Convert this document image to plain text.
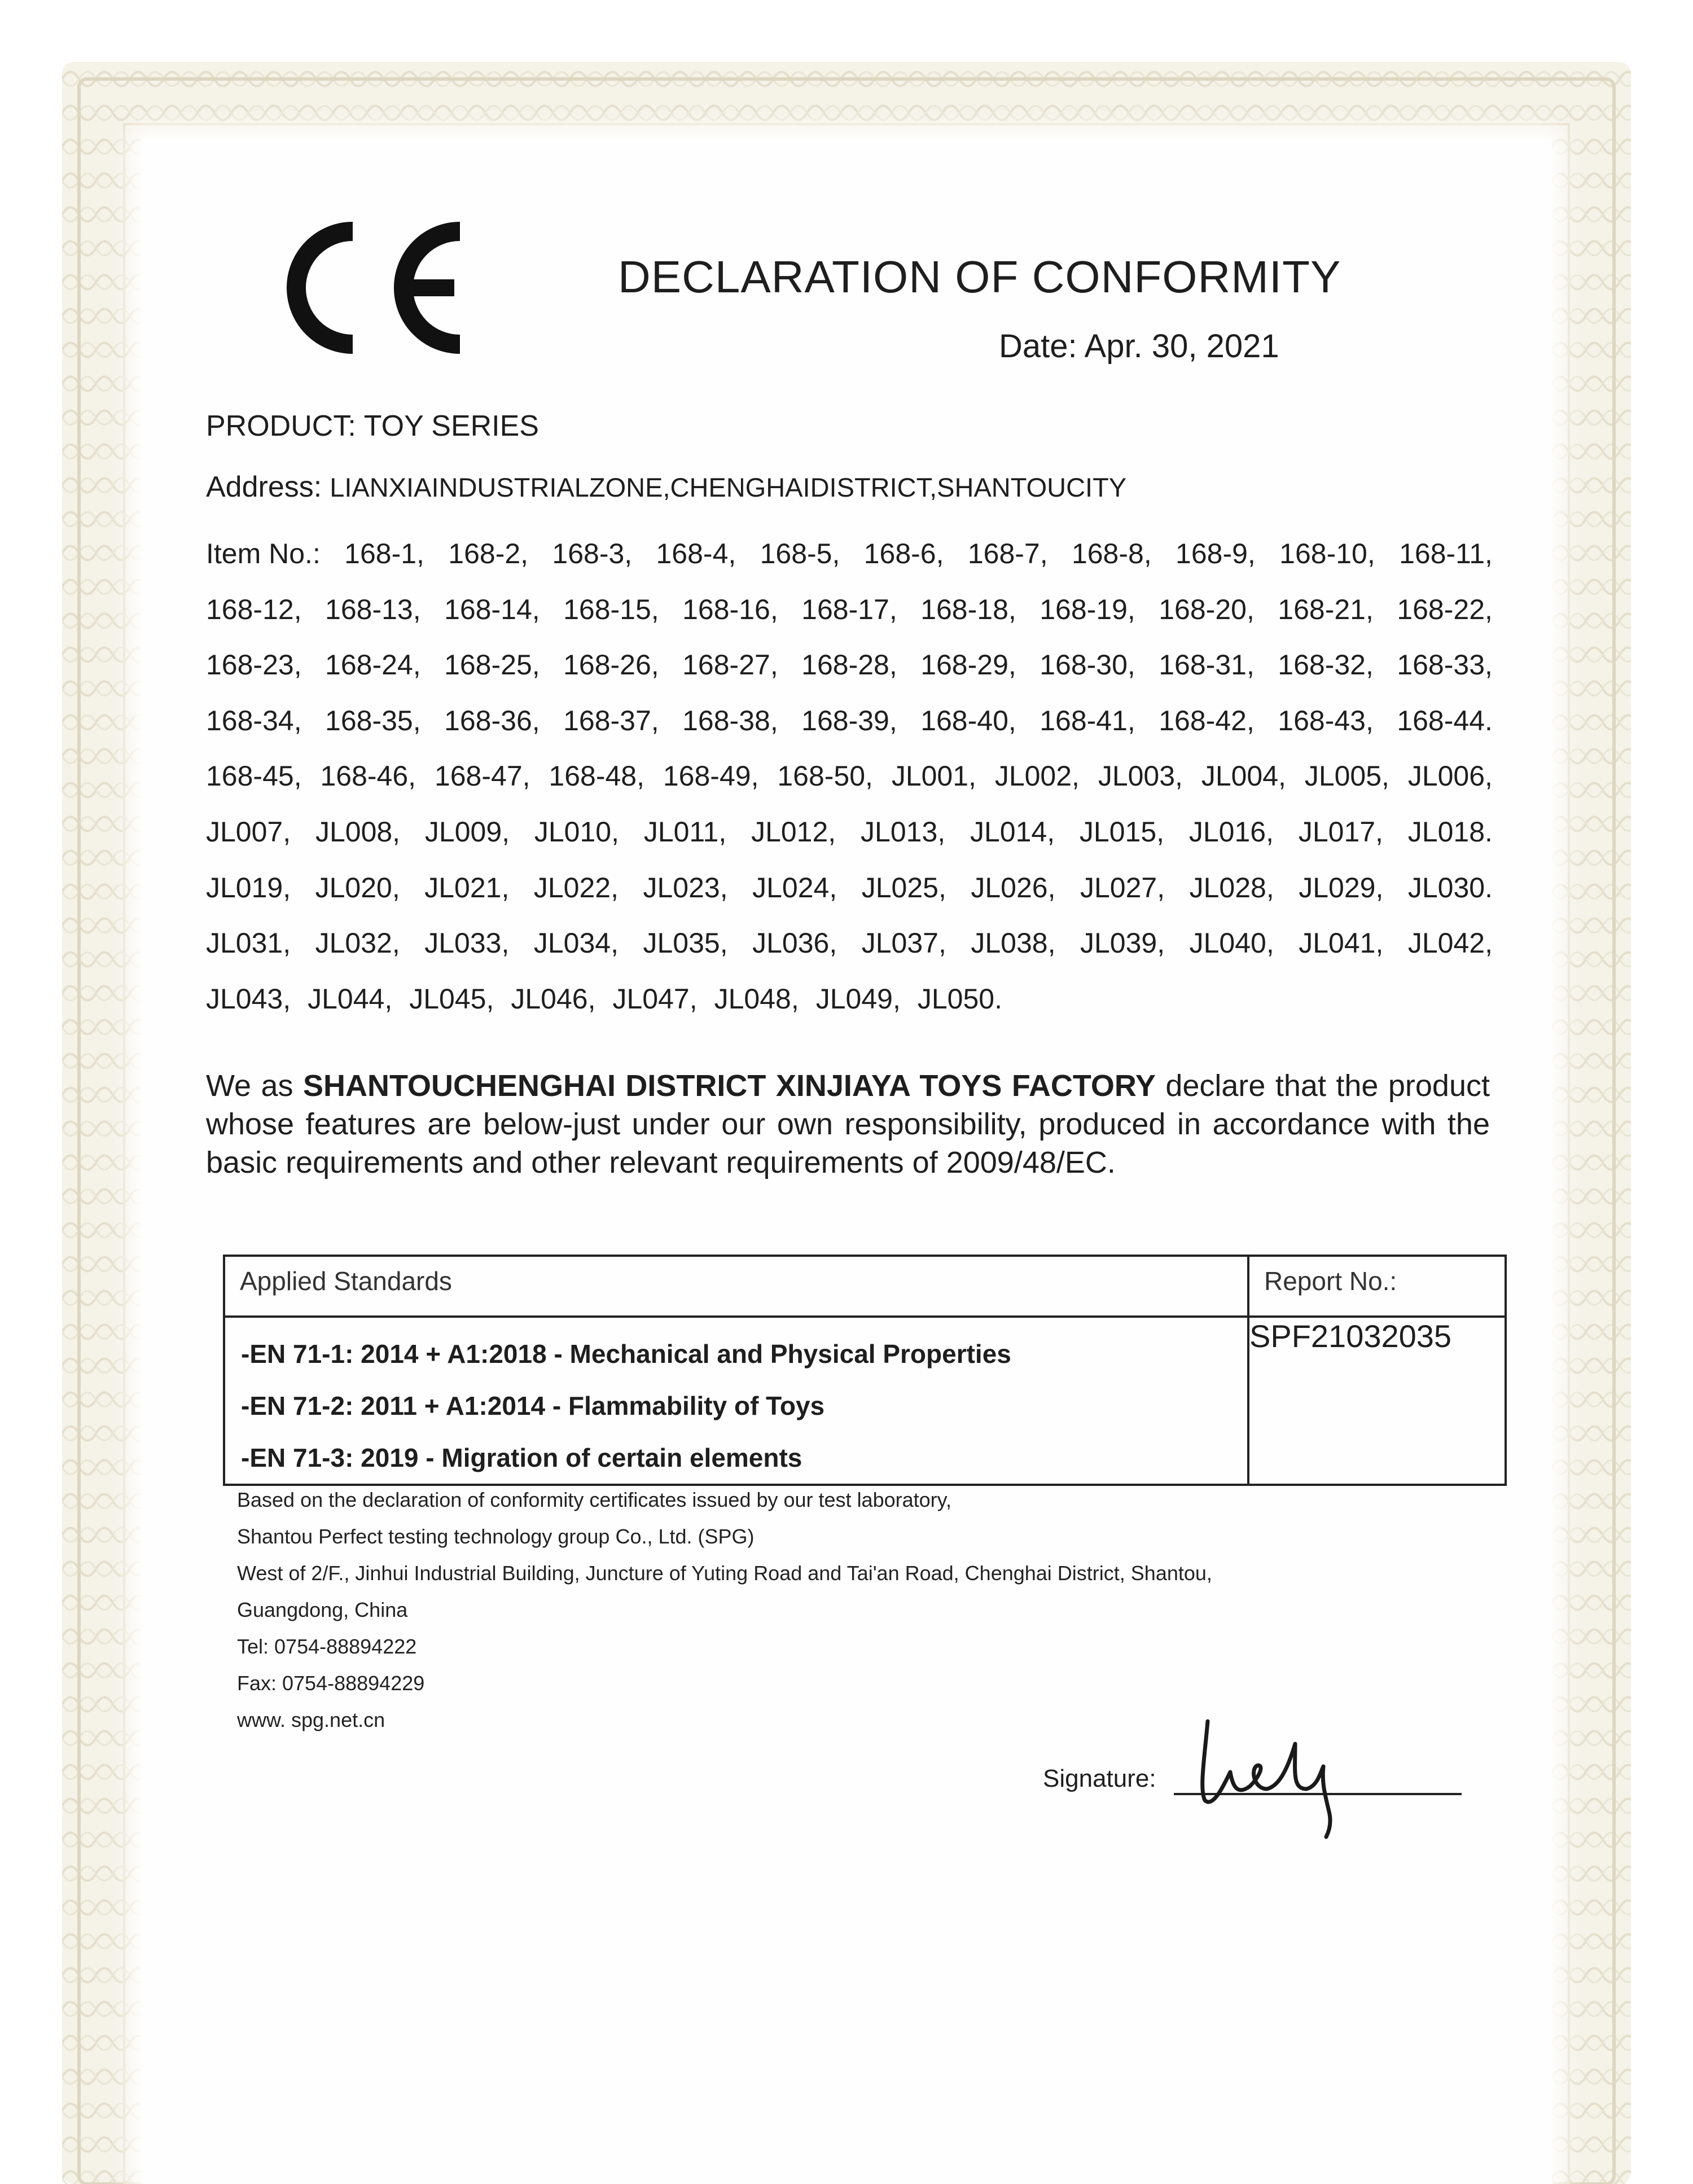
DECLARATION OF CONFORMITY
Date: Apr. 30, 2021
PRODUCT: TOY SERIES
Address: LIANXIAINDUSTRIALZONE,CHENGHAIDISTRICT,SHANTOUCITY
Item No.: 168-1, 168-2, 168-3, 168-4, 168-5, 168-6, 168-7, 168-8, 168-9, 168-10, 168-11,
168-12, 168-13, 168-14, 168-15, 168-16, 168-17, 168-18, 168-19, 168-20, 168-21, 168-22,
168-23, 168-24, 168-25, 168-26, 168-27, 168-28, 168-29, 168-30, 168-31, 168-32, 168-33,
168-34, 168-35, 168-36, 168-37, 168-38, 168-39, 168-40, 168-41, 168-42, 168-43, 168-44.
168-45, 168-46, 168-47, 168-48, 168-49, 168-50, JL001, JL002, JL003, JL004, JL005, JL006,
JL007, JL008, JL009, JL010, JL011, JL012, JL013, JL014, JL015, JL016, JL017, JL018.
JL019, JL020, JL021, JL022, JL023, JL024, JL025, JL026, JL027, JL028, JL029, JL030.
JL031, JL032, JL033, JL034, JL035, JL036, JL037, JL038, JL039, JL040, JL041, JL042,
JL043, JL044, JL045, JL046, JL047, JL048, JL049, JL050.
We as SHANTOUCHENGHAI DISTRICT XINJIAYA TOYS FACTORY declare that the product whose features are below-just under our own responsibility, produced in accordance with the basic requirements and other relevant requirements of 2009/48/EC.
Applied Standards	Report No.:

-EN 71-1: 2014 + A1:2018 - Mechanical and Physical Properties
-EN 71-2: 2011 + A1:2014 - Flammability of Toys
-EN 71-3: 2019 - Migration of certain elements	SPF21032035
Based on the declaration of conformity certificates issued by our test laboratory,
Shantou Perfect testing technology group Co., Ltd. (SPG)
West of 2/F., Jinhui Industrial Building, Juncture of Yuting Road and Tai'an Road, Chenghai District, Shantou,
Guangdong, China
Tel: 0754-88894222
Fax: 0754-88894229
www. spg.net.cn
Signature:
